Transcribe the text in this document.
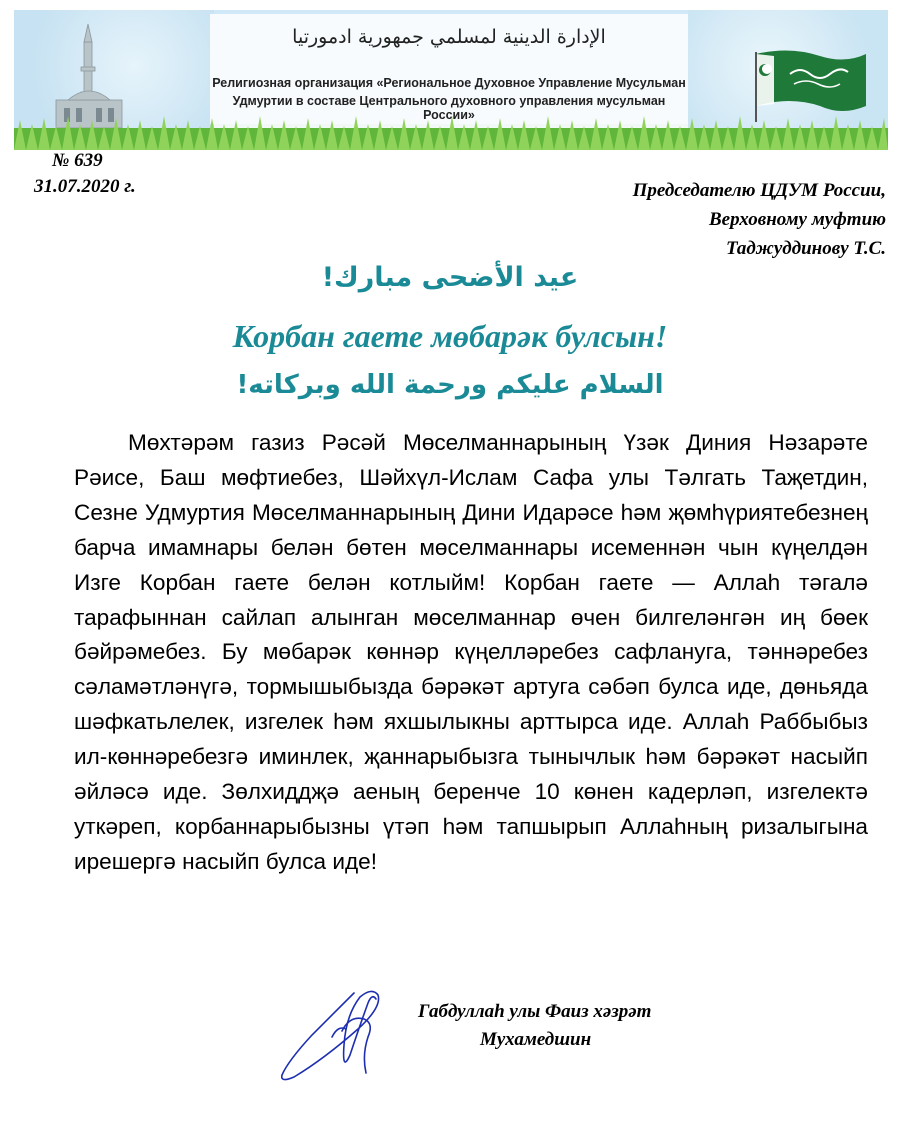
الإدارة الدينية لمسلمي جمهورية ادمورتيا
Религиозная организация «Региональное Духовное Управление Мусульман
Удмуртии в составе Центрального духовного управления мусульман России»
№ 639
31.07.2020 г.	Председателю ЦДУМ России,
Верховному муфтию
Таджуддинову Т.С.
عيد الأضحى مبارك!
Корбан гаете мөбарәк булсын!
السلام عليكم ورحمة الله وبركاته!
Мөхтәрәм газиз Рәсәй Мөселманнарының Үзәк Диния Нәзарәте Рәисе, Баш мөфтиебез, Шәйхүл-Ислам Сафа улы Тәлгать Таҗетдин, Сезне Удмуртия Мөселманнарының Дини Идарәсе һәм җөмһүриятебезнең барча имамнары белән бөтен мөселманнары исеменнән чын күңелдән Изге Корбан гаете белән котлыйм! Корбан гаете — Аллаһ тәгалә тарафыннан сайлап алынган мөселманнар өчен билгеләнгән иң бөек бәйрәмебез. Бу мөбарәк көннәр күңелләребез сафлануга, тәннәребез сәламәтләнүгә, тормышыбызда бәрәкәт артуга сәбәп булса иде, дөньяда шәфкатьлелек, изгелек һәм яхшылыкны арттырса иде. Аллаһ Раббыбыз ил-көннәребезгә иминлек, җаннарыбызга тынычлык һәм бәрәкәт насыйп әйләсә иде. Зөлхиддҗә аеның беренче 10 көнен кадерләп, изгелектә уткәреп, корбаннарыбызны үтәп һәм тапшырып Аллаһның ризалыгына ирешергә насыйп булса иде!
Габдуллаһ улы Фаиз хәзрәт
Мухамедшин
